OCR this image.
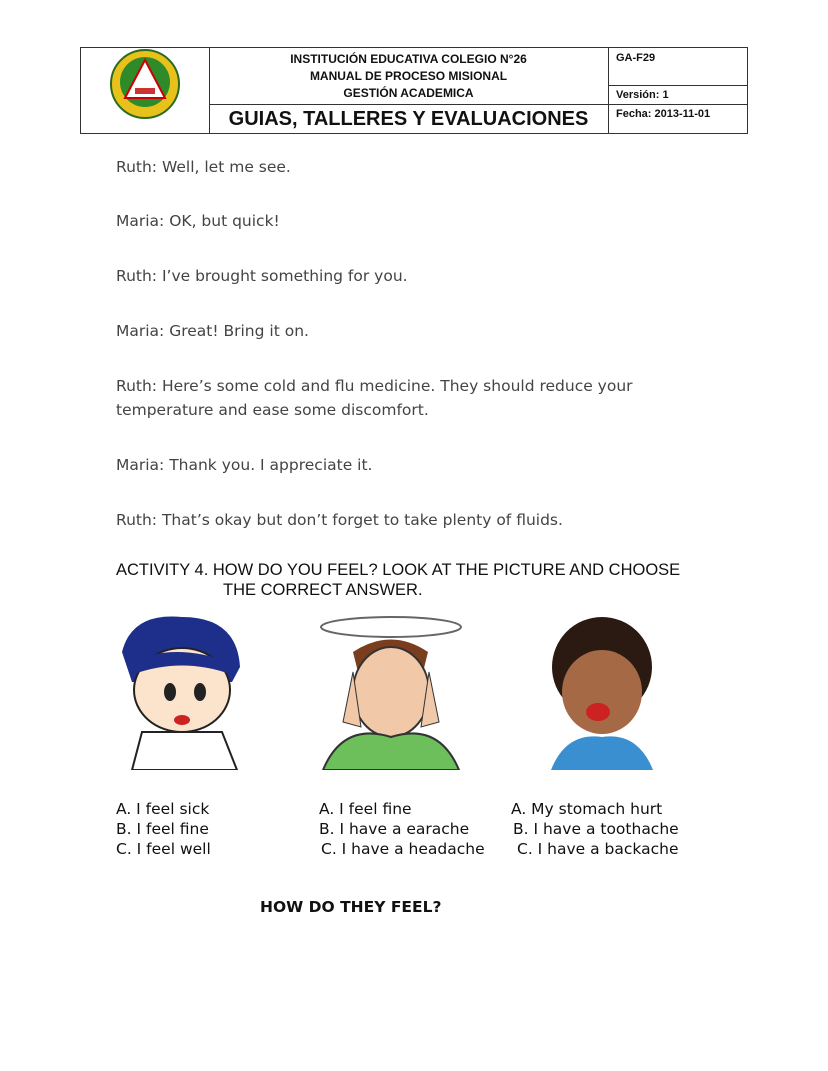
INSTITUCIÓN EDUCATIVA COLEGIO N°26
MANUAL DE PROCESO MISIONAL
GESTIÓN ACADEMICA
GUIAS, TALLERES Y EVALUACIONES
GA-F29
Versión: 1
Fecha: 2013-11-01
Ruth: Well, let me see.
Maria: OK, but quick!
Ruth: I’ve brought something for you.
Maria: Great! Bring it on.
Ruth: Here’s some cold and flu medicine. They should reduce your
temperature and ease some discomfort.
Maria: Thank you. I appreciate it.
Ruth: That’s okay but don’t forget to take plenty of fluids.
ACTIVITY 4. HOW DO YOU FEEL? LOOK AT THE PICTURE AND CHOOSE
THE CORRECT ANSWER.
A. I feel sick
B. I feel fine
C. I feel well
A. I feel fine
B. I have a earache
C. I have a headache
A. My stomach hurt
B. I have a toothache
C. I have a backache
HOW DO THEY FEEL?
